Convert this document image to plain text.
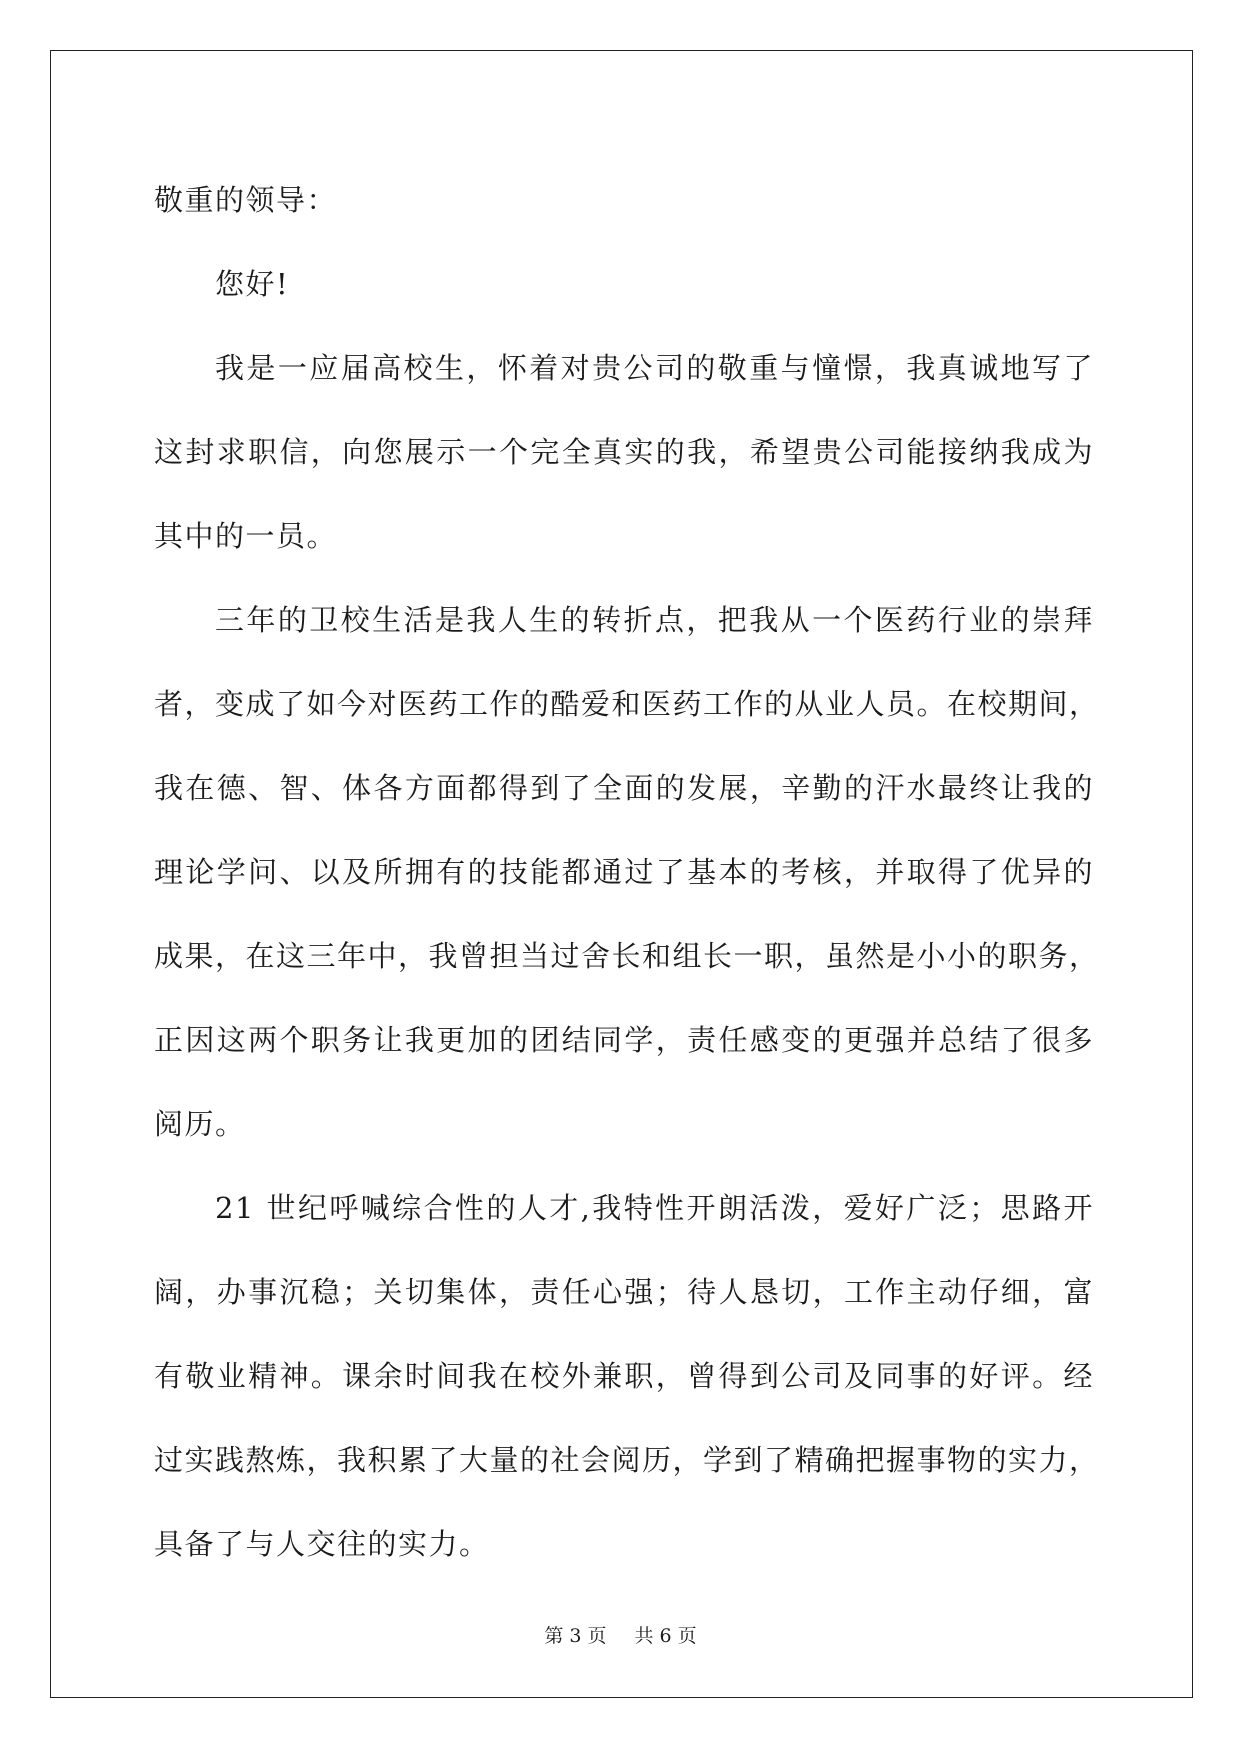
敬重的领导：
您好!
我是一应届高校生，怀着对贵公司的敬重与憧憬，我真诚地写了
这封求职信，向您展示一个完全真实的我，希望贵公司能接纳我成为
其中的一员。
三年的卫校生活是我人生的转折点，把我从一个医药行业的崇拜
者，变成了如今对医药工作的酷爱和医药工作的从业人员。在校期间，
我在德、智、体各方面都得到了全面的发展，辛勤的汗水最终让我的
理论学问、以及所拥有的技能都通过了基本的考核，并取得了优异的
成果，在这三年中，我曾担当过舍长和组长一职，虽然是小小的职务，
正因这两个职务让我更加的团结同学，责任感变的更强并总结了很多
阅历。
21 世纪呼喊综合性的人才,我特性开朗活泼，爱好广泛；思路开
阔，办事沉稳；关切集体，责任心强；待人恳切，工作主动仔细，富
有敬业精神。课余时间我在校外兼职，曾得到公司及同事的好评。经
过实践熬炼，我积累了大量的社会阅历，学到了精确把握事物的实力，
具备了与人交往的实力。
第 3 页 共 6 页
